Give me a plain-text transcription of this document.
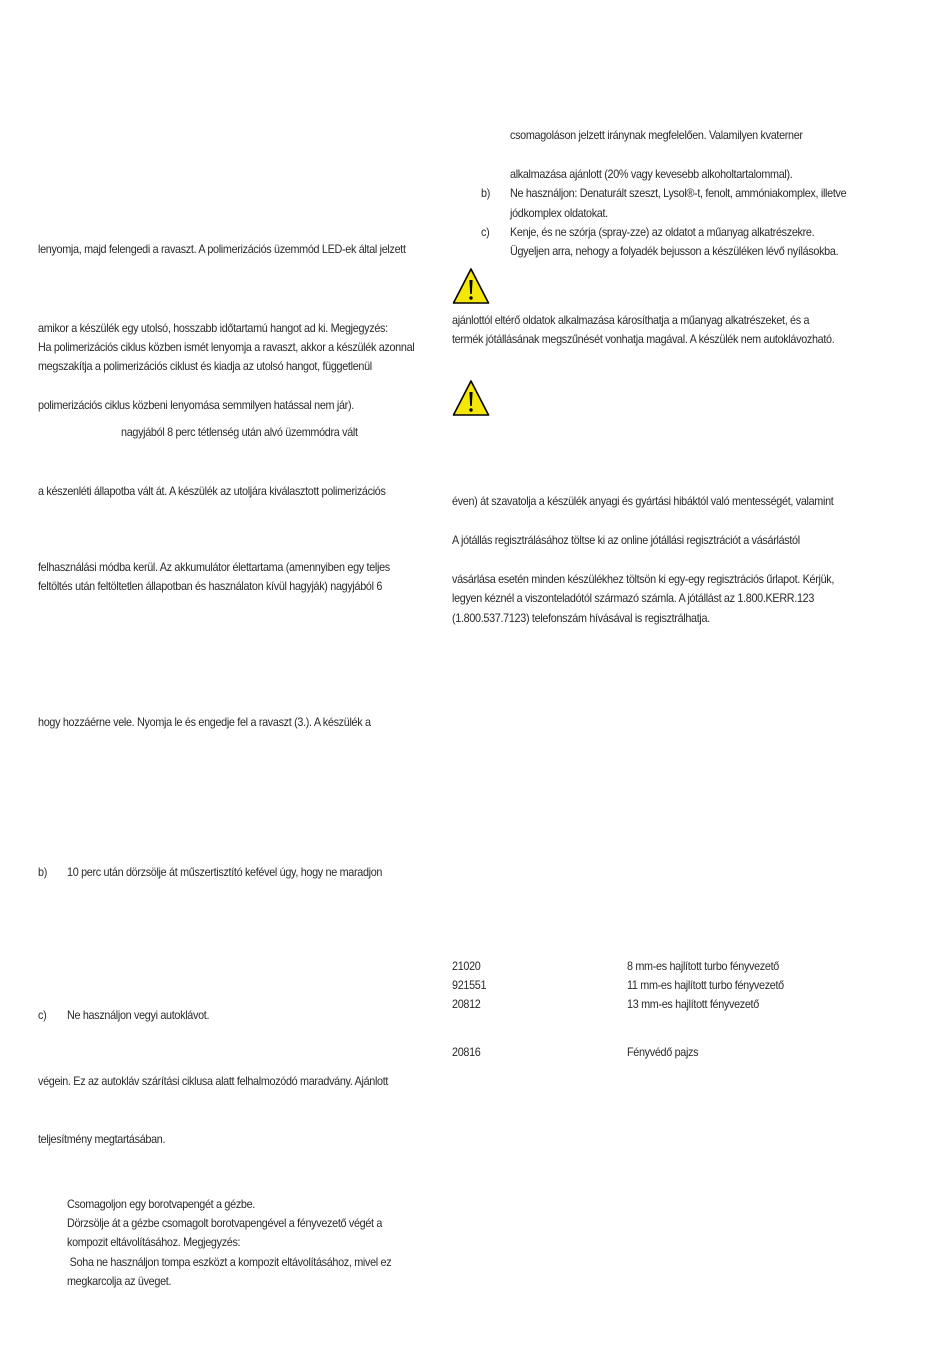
lenyomja, majd felengedi a ravaszt. A polimerizációs üzemmód LED-ek által jelzett
amikor a készülék egy utolsó, hosszabb időtartamú hangot ad ki. Megjegyzés:
Ha polimerizációs ciklus közben ismét lenyomja a ravaszt, akkor a készülék azonnal
megszakítja a polimerizációs ciklust és kiadja az utolsó hangot, függetlenül
polimerizációs ciklus közbeni lenyomása semmilyen hatással nem jár).
nagyjából 8 perc tétlenség után alvó üzemmódra vált
a készenléti állapotba vált át. A készülék az utoljára kiválasztott polimerizációs
felhasználási módba kerül. Az akkumulátor élettartama (amennyiben egy teljes
feltöltés után feltöltetlen állapotban és használaton kívül hagyják) nagyjából 6
hogy hozzáérne vele. Nyomja le és engedje fel a ravaszt (3.). A készülék a
b) 10 perc után dörzsölje át műszertisztító kefével úgy, hogy ne maradjon
c) Ne használjon vegyi autoklávot.
végein. Ez az autokláv szárítási ciklusa alatt felhalmozódó maradvány. Ajánlott
teljesítmény megtartásában.
Csomagoljon egy borotvapengét a gézbe.
Dörzsölje át a gézbe csomagolt borotvapengével a fényvezető végét a
kompozit eltávolításához. Megjegyzés:
Soha ne használjon tompa eszközt a kompozit eltávolításához, mivel ez
megkarcolja az üveget.
csomagoláson jelzett iránynak megfelelően. Valamilyen kvaterner
alkalmazása ajánlott (20% vagy kevesebb alkoholtartalommal).
b) Ne használjon: Denaturált szeszt, Lysol®-t, fenolt, ammóniakomplex, illetve
jódkomplex oldatokat.
c) Kenje, és ne szórja (spray-zze) az oldatot a műanyag alkatrészekre.
Ügyeljen arra, nehogy a folyadék bejusson a készüléken lévő nyílásokba.
ajánlottól eltérő oldatok alkalmazása károsíthatja a műanyag alkatrészeket, és a
termék jótállásának megszűnését vonhatja magával. A készülék nem autoklávozható.
éven) át szavatolja a készülék anyagi és gyártási hibáktól való mentességét, valamint
A jótállás regisztrálásához töltse ki az online jótállási regisztrációt a vásárlástól
vásárlása esetén minden készülékhez töltsön ki egy-egy regisztrációs űrlapot. Kérjük,
legyen kéznél a viszonteladótól származó számla. A jótállást az 1.800.KERR.123
(1.800.537.7123) telefonszám hívásával is regisztrálhatja.
21020	8 mm-es hajlított turbo fényvezető
921551	11 mm-es hajlított turbo fényvezető
20812	13 mm-es hajlított fényvezető
20816	Fényvédő pajzs
